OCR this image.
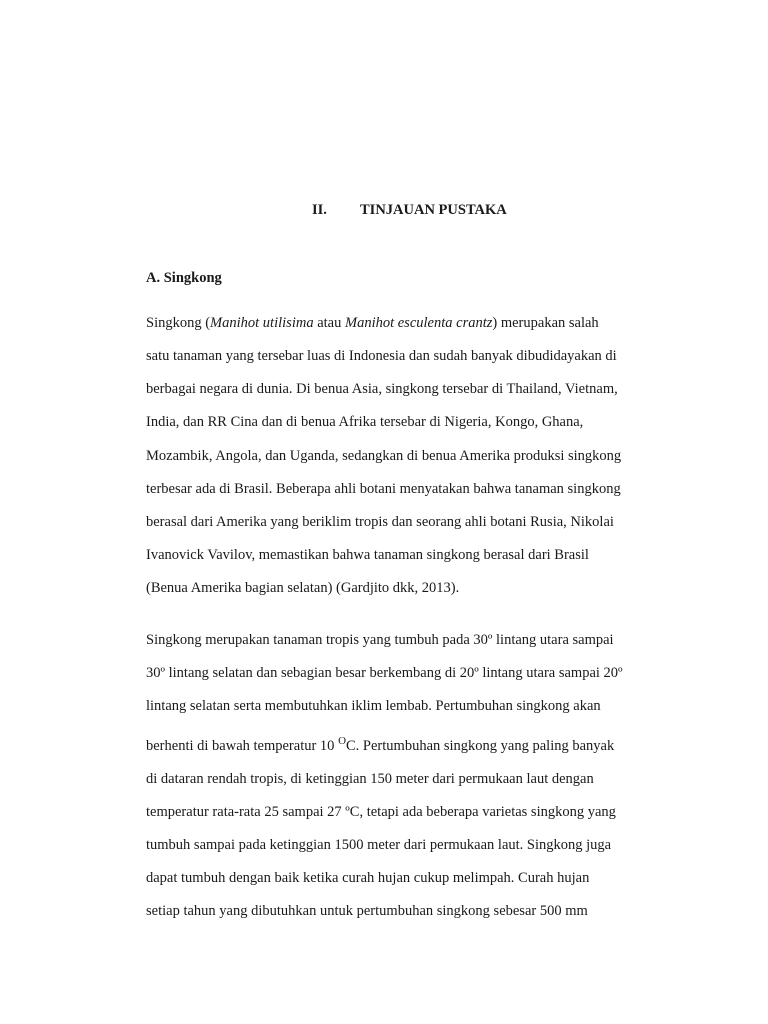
II. TINJAUAN PUSTAKA
A. Singkong
Singkong (Manihot utilisima atau Manihot esculenta crantz) merupakan salah
satu tanaman yang tersebar luas di Indonesia dan sudah banyak dibudidayakan di
berbagai negara di dunia. Di benua Asia, singkong tersebar di Thailand, Vietnam,
India, dan RR Cina dan di benua Afrika tersebar di Nigeria, Kongo, Ghana,
Mozambik, Angola, dan Uganda, sedangkan di benua Amerika produksi singkong
terbesar ada di Brasil. Beberapa ahli botani menyatakan bahwa tanaman singkong
berasal dari Amerika yang beriklim tropis dan seorang ahli botani Rusia, Nikolai
Ivanovick Vavilov, memastikan bahwa tanaman singkong berasal dari Brasil
(Benua Amerika bagian selatan) (Gardjito dkk, 2013).
Singkong merupakan tanaman tropis yang tumbuh pada 30º lintang utara sampai
30º lintang selatan dan sebagian besar berkembang di 20º lintang utara sampai 20º
lintang selatan serta membutuhkan iklim lembab. Pertumbuhan singkong akan
berhenti di bawah temperatur 10 $^O$C. Pertumbuhan singkong yang paling banyak
di dataran rendah tropis, di ketinggian 150 meter dari permukaan laut dengan
temperatur rata-rata 25 sampai 27 ºC, tetapi ada beberapa varietas singkong yang
tumbuh sampai pada ketinggian 1500 meter dari permukaan laut. Singkong juga
dapat tumbuh dengan baik ketika curah hujan cukup melimpah. Curah hujan
setiap tahun yang dibutuhkan untuk pertumbuhan singkong sebesar 500 mm
